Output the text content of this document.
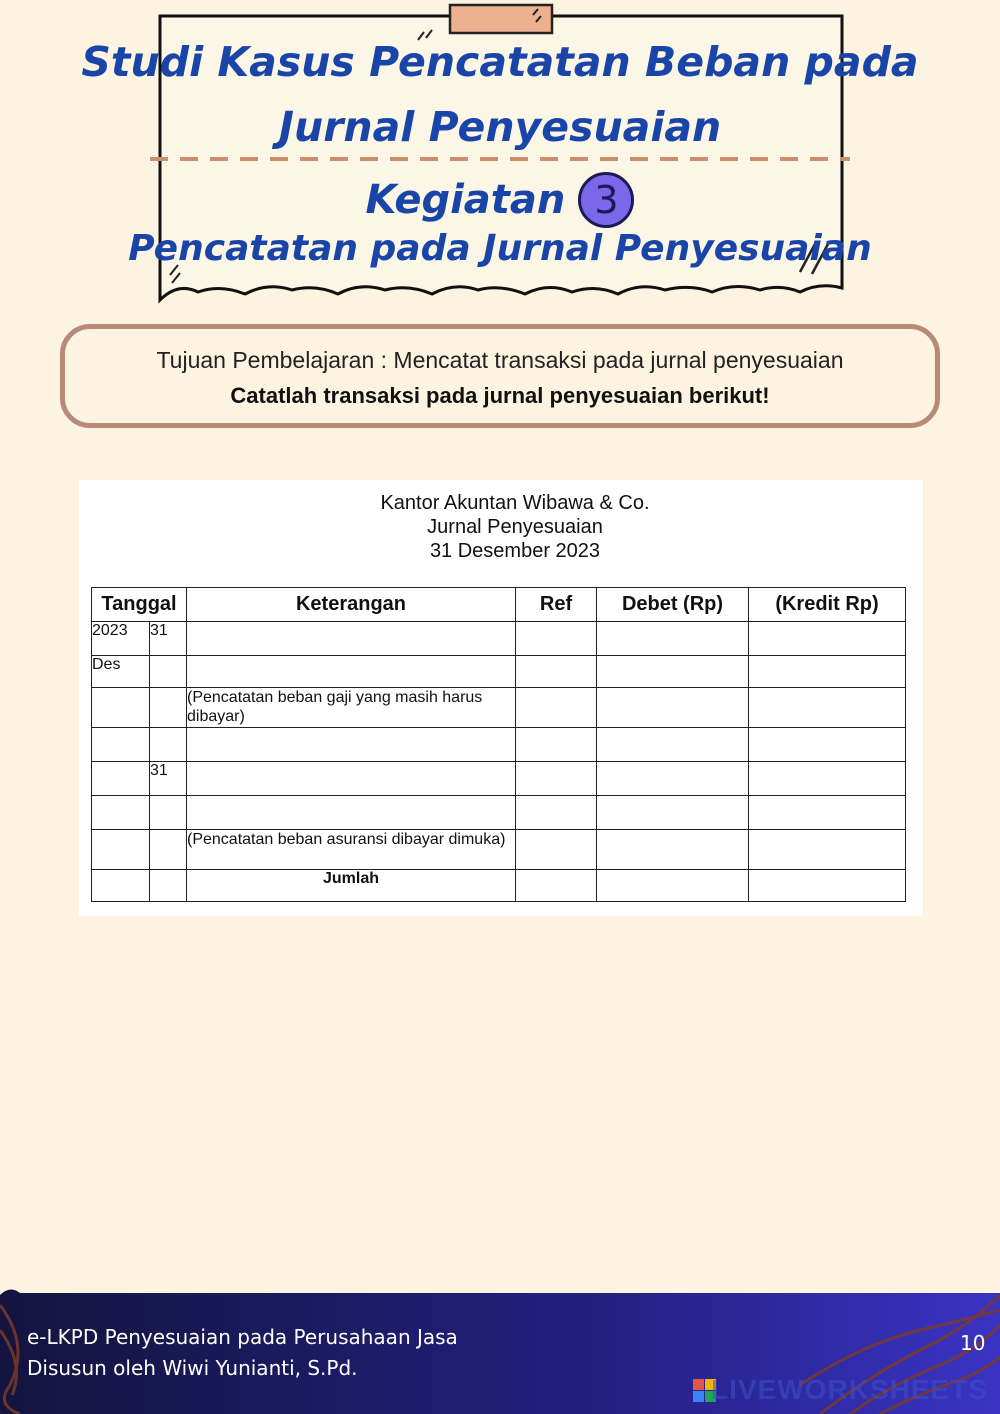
Studi Kasus Pencatatan Beban pada
Jurnal Penyesuaian
Kegiatan 3
Pencatatan pada Jurnal Penyesuaian
Tujuan Pembelajaran : Mencatat transaksi pada jurnal penyesuaian
Catatlah transaksi pada jurnal penyesuaian berikut!
Kantor Akuntan Wibawa & Co.
Jurnal Penyesuaian
31 Desember 2023
Tanggal		Keterangan	Ref	Debet (Rp)	(Kredit Rp)
2023	31				
Des					
		(Pencatatan beban gaji yang masih harus dibayar)			

	31				

		(Pencatatan beban asuransi dibayar dimuka)			
		Jumlah			
e-LKPD Penyesuaian pada Perusahaan Jasa
Disusun oleh Wiwi Yunianti, S.Pd.
10
LIVEWORKSHEETS
